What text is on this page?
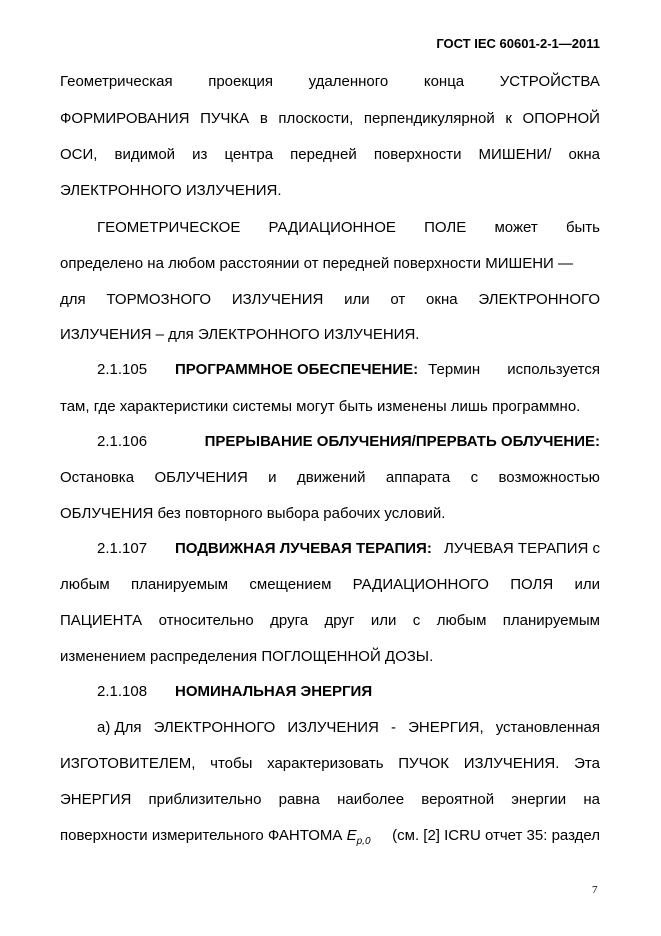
ГОСТ IEC 60601-2-1—2011
Геометрическая проекция удаленного конца УСТРОЙСТВА
ФОРМИРОВАНИЯ ПУЧКА в плоскости, перпендикулярной к ОПОРНОЙ
ОСИ, видимой из центра передней поверхности МИШЕНИ/ окна
ЭЛЕКТРОННОГО ИЗЛУЧЕНИЯ.
ГЕОМЕТРИЧЕСКОЕ РАДИАЦИОННОЕ ПОЛЕ может быть
определено на любом расстоянии от передней поверхности МИШЕНИ —
для ТОРМОЗНОГО ИЗЛУЧЕНИЯ или от окна ЭЛЕКТРОННОГО
ИЗЛУЧЕНИЯ – для ЭЛЕКТРОННОГО ИЗЛУЧЕНИЯ.
2.1.105	ПРОГРАММНОЕ ОБЕСПЕЧЕНИЕ: Термин используется
там, где характеристики системы могут быть изменены лишь программно.
2.1.106	ПРЕРЫВАНИЕ ОБЛУЧЕНИЯ/ПРЕРВАТЬ ОБЛУЧЕНИЕ:
Остановка ОБЛУЧЕНИЯ и движений аппарата с возможностью
ОБЛУЧЕНИЯ без повторного выбора рабочих условий.
2.1.107	ПОДВИЖНАЯ ЛУЧЕВАЯ ТЕРАПИЯ: ЛУЧЕВАЯ ТЕРАПИЯ с
любым планируемым смещением РАДИАЦИОННОГО ПОЛЯ или
ПАЦИЕНТА относительно друга друг или с любым планируемым
изменением распределения ПОГЛОЩЕННОЙ ДОЗЫ.
2.1.108	НОМИНАЛЬНАЯ ЭНЕРГИЯ
a) Для ЭЛЕКТРОННОГО ИЗЛУЧЕНИЯ - ЭНЕРГИЯ, установленная
ИЗГОТОВИТЕЛЕМ, чтобы характеризовать ПУЧОК ИЗЛУЧЕНИЯ. Эта
ЭНЕРГИЯ приблизительно равна наиболее вероятной энергии на
поверхности измерительного ФАНТОМА $E_{p,0}$ (см. [2] ICRU отчет 35: раздел
7
